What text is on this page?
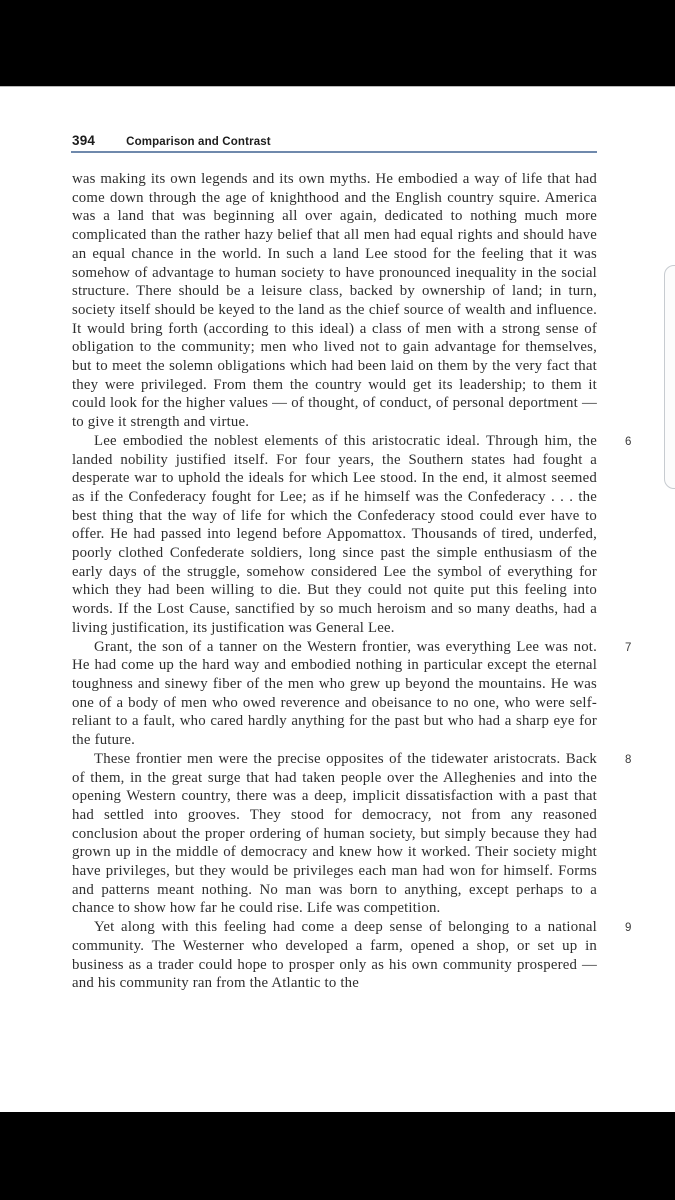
394	Comparison and Contrast

was making its own legends and its own myths. He embodied a way of life that had come down through the age of knighthood and the English country squire. America was a land that was beginning all over again, dedicated to nothing much more complicated than the rather hazy belief that all men had equal rights and should have an equal chance in the world. In such a land Lee stood for the feeling that it was somehow of advantage to human society to have pronounced inequality in the social structure. There should be a leisure class, backed by ownership of land; in turn, society itself should be keyed to the land as the chief source of wealth and influence. It would bring forth (according to this ideal) a class of men with a strong sense of obligation to the community; men who lived not to gain advantage for themselves, but to meet the solemn obligations which had been laid on them by the very fact that they were privileged. From them the country would get its leadership; to them it could look for the higher values — of thought, of conduct, of personal deportment — to give it strength and virtue.

6
Lee embodied the noblest elements of this aristocratic ideal. Through him, the landed nobility justified itself. For four years, the Southern states had fought a desperate war to uphold the ideals for which Lee stood. In the end, it almost seemed as if the Confederacy fought for Lee; as if he himself was the Confederacy . . . the best thing that the way of life for which the Confederacy stood could ever have to offer. He had passed into legend before Appomattox. Thousands of tired, underfed, poorly clothed Confederate soldiers, long since past the simple enthusiasm of the early days of the struggle, somehow considered Lee the symbol of everything for which they had been willing to die. But they could not quite put this feeling into words. If the Lost Cause, sanctified by so much heroism and so many deaths, had a living justification, its justification was General Lee.

7
Grant, the son of a tanner on the Western frontier, was everything Lee was not. He had come up the hard way and embodied nothing in particular except the eternal toughness and sinewy fiber of the men who grew up beyond the mountains. He was one of a body of men who owed reverence and obeisance to no one, who were self-reliant to a fault, who cared hardly anything for the past but who had a sharp eye for the future.

8
These frontier men were the precise opposites of the tidewater aristocrats. Back of them, in the great surge that had taken people over the Alleghenies and into the opening Western country, there was a deep, implicit dissatisfaction with a past that had settled into grooves. They stood for democracy, not from any reasoned conclusion about the proper ordering of human society, but simply because they had grown up in the middle of democracy and knew how it worked. Their society might have privileges, but they would be privileges each man had won for himself. Forms and patterns meant nothing. No man was born to anything, except perhaps to a chance to show how far he could rise. Life was competition.

9
Yet along with this feeling had come a deep sense of belonging to a national community. The Westerner who developed a farm, opened a shop, or set up in business as a trader could hope to prosper only as his own community prospered — and his community ran from the Atlantic to the
